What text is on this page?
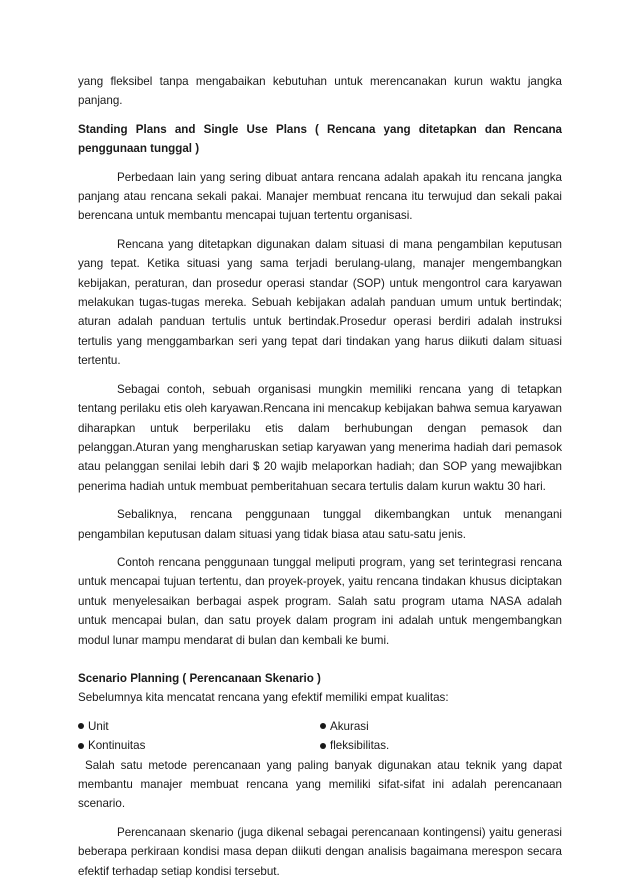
yang fleksibel tanpa mengabaikan kebutuhan untuk merencanakan kurun waktu jangka panjang.

Standing Plans and Single Use Plans ( Rencana yang ditetapkan dan Rencana penggunaan tunggal )

Perbedaan lain yang sering dibuat antara rencana adalah apakah itu rencana jangka panjang atau rencana sekali pakai. Manajer membuat rencana itu terwujud dan sekali pakai berencana untuk membantu mencapai tujuan tertentu organisasi.

Rencana yang ditetapkan digunakan dalam situasi di mana pengambilan keputusan yang tepat. Ketika situasi yang sama terjadi berulang-ulang, manajer mengembangkan kebijakan, peraturan, dan prosedur operasi standar (SOP) untuk mengontrol cara karyawan melakukan tugas-tugas mereka. Sebuah kebijakan adalah panduan umum untuk bertindak; aturan adalah panduan tertulis untuk bertindak.Prosedur operasi berdiri adalah instruksi tertulis yang menggambarkan seri yang tepat dari tindakan yang harus diikuti dalam situasi tertentu.

Sebagai contoh, sebuah organisasi mungkin memiliki rencana yang di tetapkan tentang perilaku etis oleh karyawan.Rencana ini mencakup kebijakan bahwa semua karyawan diharapkan untuk berperilaku etis dalam berhubungan dengan pemasok dan pelanggan.Aturan yang mengharuskan setiap karyawan yang menerima hadiah dari pemasok atau pelanggan senilai lebih dari $ 20 wajib melaporkan hadiah; dan SOP yang mewajibkan penerima hadiah untuk membuat pemberitahuan secara tertulis dalam kurun waktu 30 hari.

Sebaliknya, rencana penggunaan tunggal dikembangkan untuk menangani pengambilan keputusan dalam situasi yang tidak biasa atau satu-satu jenis.

Contoh rencana penggunaan tunggal meliputi program, yang set terintegrasi rencana untuk mencapai tujuan tertentu, dan proyek-proyek, yaitu rencana tindakan khusus diciptakan untuk menyelesaikan berbagai aspek program. Salah satu program utama NASA adalah untuk mencapai bulan, dan satu proyek dalam program ini adalah untuk mengembangkan modul lunar mampu mendarat di bulan dan kembali ke bumi.

Scenario Planning ( Perencanaan Skenario )

Sebelumnya kita mencatat rencana yang efektif memiliki empat kualitas:

Unit	Akurasi
Kontinuitas	fleksibilitas.

Salah satu metode perencanaan yang paling banyak digunakan atau teknik yang dapat membantu manajer membuat rencana yang memiliki sifat-sifat ini adalah perencanaan scenario.

Perencanaan skenario (juga dikenal sebagai perencanaan kontingensi) yaitu generasi beberapa perkiraan kondisi masa depan diikuti dengan analisis bagaimana merespon secara efektif terhadap setiap kondisi tersebut.
